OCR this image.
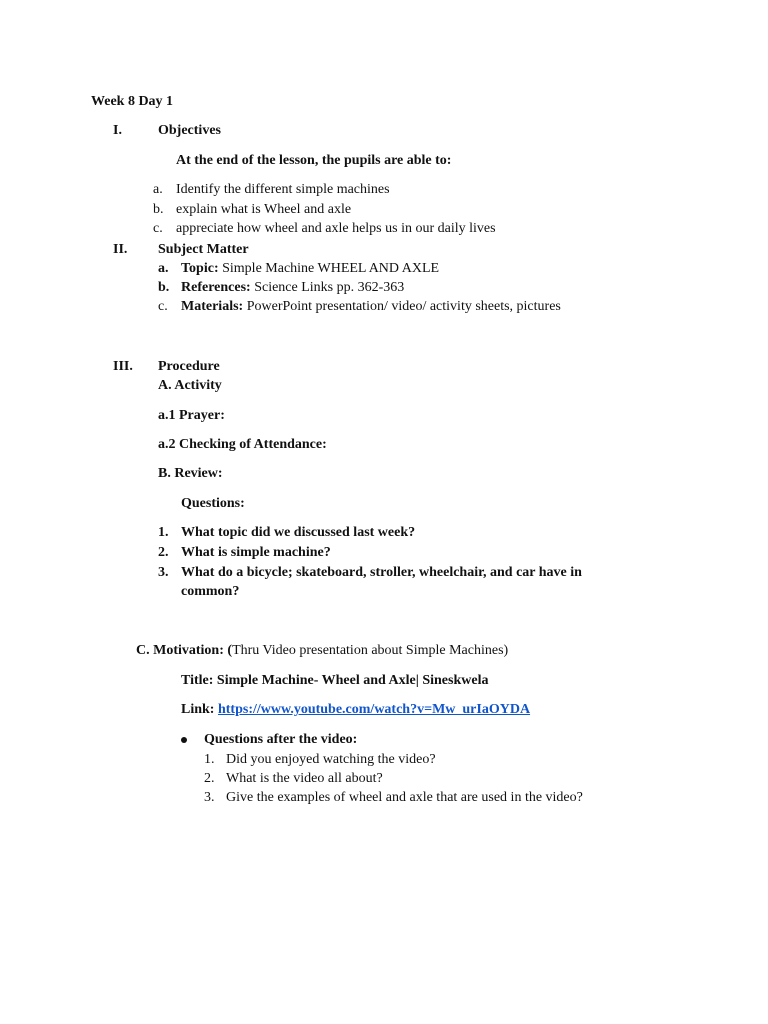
Week 8 Day 1
I.	Objectives
At the end of the lesson, the pupils are able to:
a. Identify the different simple machines
b. explain what is Wheel and axle
c. appreciate how wheel and axle helps us in our daily lives
II. Subject Matter
a. Topic: Simple Machine WHEEL AND AXLE
b. References: Science Links pp. 362-363
c. Materials: PowerPoint presentation/ video/ activity sheets, pictures
III. Procedure
A. Activity
a.1 Prayer:
a.2 Checking of Attendance:
B. Review:
Questions:
1. What topic did we discussed last week?
2. What is simple machine?
3. What do a bicycle; skateboard, stroller, wheelchair, and car have in
common?
C. Motivation: (Thru Video presentation about Simple Machines)
Title: Simple Machine- Wheel and Axle| Sineskwela
Link: https://www.youtube.com/watch?v=Mw_urIaOYDA
Questions after the video:
1. Did you enjoyed watching the video?
2. What is the video all about?
3. Give the examples of wheel and axle that are used in the video?
